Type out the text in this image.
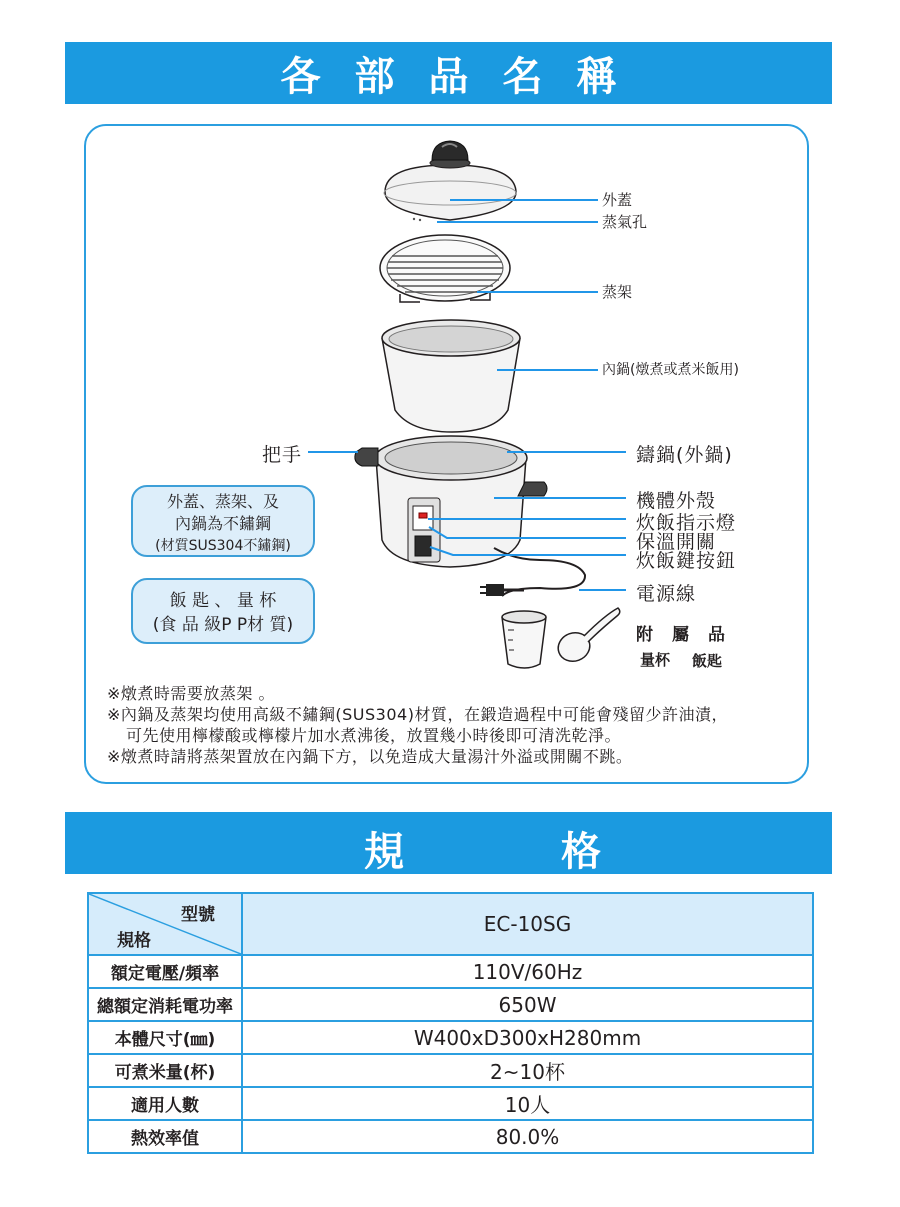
各部品名稱
外蓋
蒸氣孔
蒸架
內鍋(燉煮或煮米飯用)
把手	鑄鍋(外鍋)
機體外殼
炊飯指示燈
保溫開關
炊飯鍵按鈕
電源線
附　屬　品
量杯 飯匙
外蓋、蒸架、及
內鍋為不鏽鋼
(材質SUS304不鏽鋼)
飯 匙 、 量 杯
(食 品 級P P材 質)
※燉煮時需要放蒸架 。
※內鍋及蒸架均使用高級不鏽鋼(SUS304)材質，在鍛造過程中可能會殘留少許油漬，
可先使用檸檬酸或檸檬片加水煮沸後，放置幾小時後即可清洗乾淨。
※燉煮時請將蒸架置放在內鍋下方，以免造成大量湯汁外溢或開關不跳。
規	格
型號
規格	EC-10SG
額定電壓/頻率	110V/60Hz
總額定消耗電功率	650W
本體尺寸(㎜)	W400xD300xH280mm
可煮米量(杯)	2~10杯
適用人數	10人
熱效率值	80.0%
